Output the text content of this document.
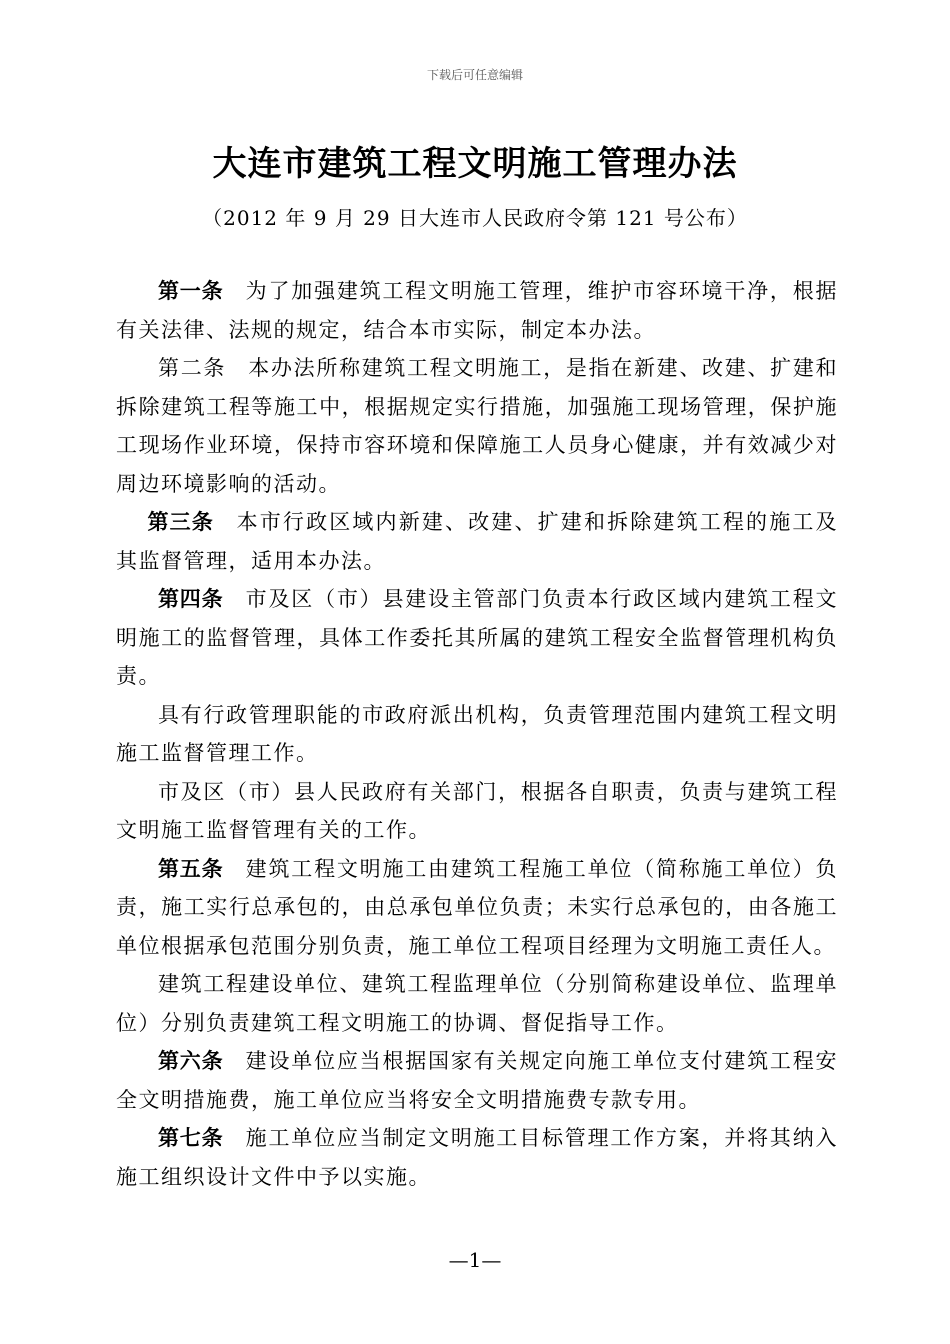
下载后可任意编辑
大连市建筑工程文明施工管理办法
（2012 年 9 月 29 日大连市人民政府令第 121 号公布）

第一条 为了加强建筑工程文明施工管理，维护市容环境干净，根据有关法律、法规的规定，结合本市实际，制定本办法。

第二条 本办法所称建筑工程文明施工，是指在新建、改建、扩建和拆除建筑工程等施工中，根据规定实行措施，加强施工现场管理，保护施工现场作业环境，保持市容环境和保障施工人员身心健康，并有效减少对周边环境影响的活动。

第三条 本市行政区域内新建、改建、扩建和拆除建筑工程的施工及其监督管理，适用本办法。

第四条 市及区（市）县建设主管部门负责本行政区域内建筑工程文明施工的监督管理，具体工作委托其所属的建筑工程安全监督管理机构负责。

具有行政管理职能的市政府派出机构，负责管理范围内建筑工程文明施工监督管理工作。

市及区（市）县人民政府有关部门，根据各自职责，负责与建筑工程文明施工监督管理有关的工作。

第五条 建筑工程文明施工由建筑工程施工单位（简称施工单位）负责，施工实行总承包的，由总承包单位负责；未实行总承包的，由各施工单位根据承包范围分别负责，施工单位工程项目经理为文明施工责任人。

建筑工程建设单位、建筑工程监理单位（分别简称建设单位、监理单位）分别负责建筑工程文明施工的协调、督促指导工作。

第六条 建设单位应当根据国家有关规定向施工单位支付建筑工程安全文明措施费，施工单位应当将安全文明措施费专款专用。

第七条 施工单位应当制定文明施工目标管理工作方案，并将其纳入施工组织设计文件中予以实施。

—1—
